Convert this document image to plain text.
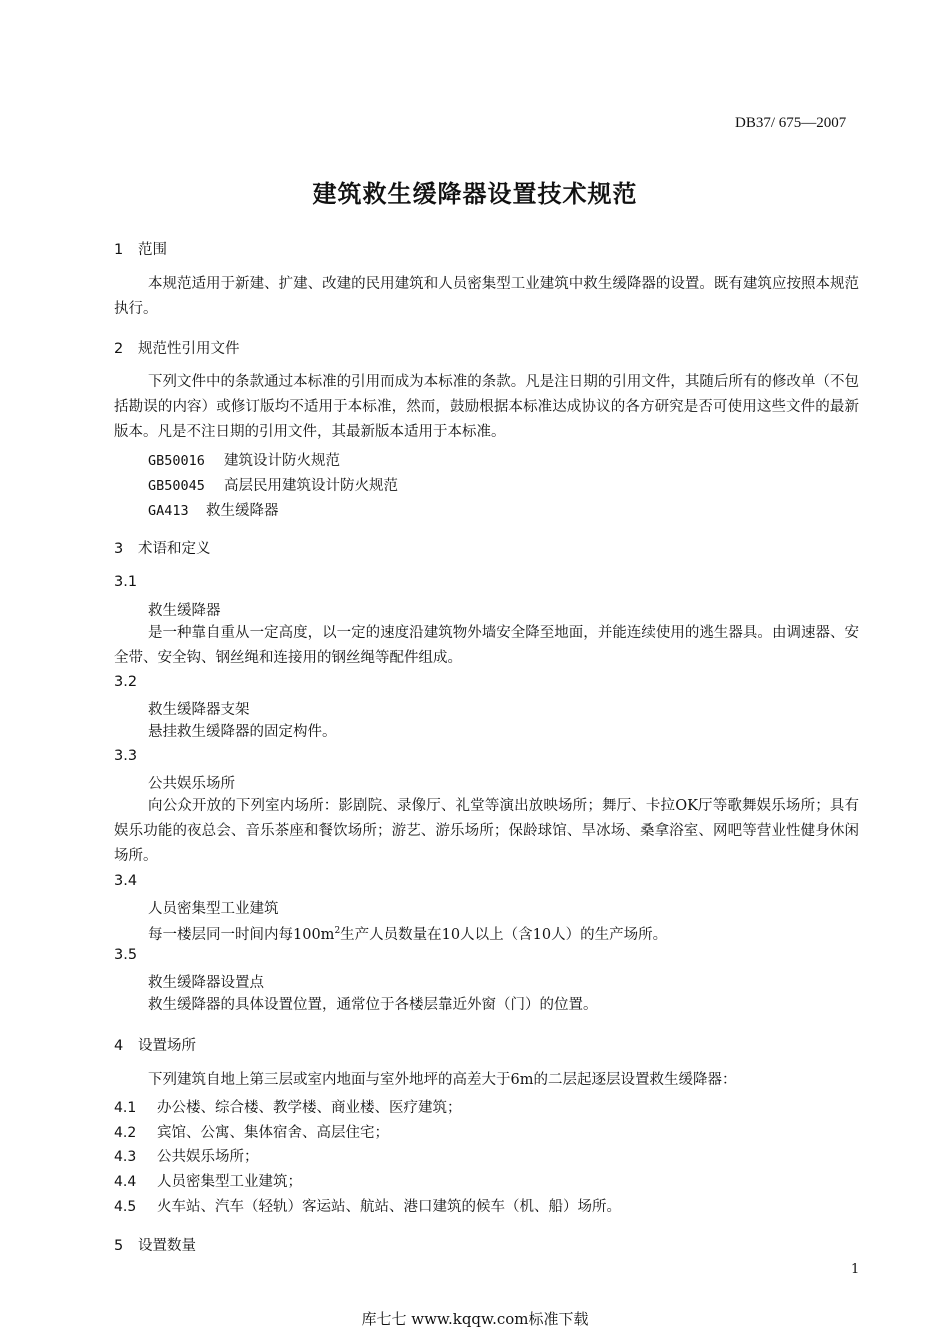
DB37/ 675—2007
建筑救生缓降器设置技术规范
1 范围
本规范适用于新建、扩建、改建的民用建筑和人员密集型工业建筑中救生缓降器的设置。既有建筑应按照本规范执行。
2 规范性引用文件
下列文件中的条款通过本标准的引用而成为本标准的条款。凡是注日期的引用文件，其随后所有的修改单（不包括勘误的内容）或修订版均不适用于本标准，然而，鼓励根据本标准达成协议的各方研究是否可使用这些文件的最新版本。凡是不注日期的引用文件，其最新版本适用于本标准。
GB50016 建筑设计防火规范
GB50045 高层民用建筑设计防火规范
GA413 救生缓降器
3 术语和定义
3.1
救生缓降器
是一种靠自重从一定高度，以一定的速度沿建筑物外墙安全降至地面，并能连续使用的逃生器具。由调速器、安全带、安全钩、钢丝绳和连接用的钢丝绳等配件组成。
3.2
救生缓降器支架
悬挂救生缓降器的固定构件。
3.3
公共娱乐场所
向公众开放的下列室内场所：影剧院、录像厅、礼堂等演出放映场所；舞厅、卡拉OK厅等歌舞娱乐场所；具有娱乐功能的夜总会、音乐茶座和餐饮场所；游艺、游乐场所；保龄球馆、旱冰场、桑拿浴室、网吧等营业性健身休闲场所。
3.4
人员密集型工业建筑
每一楼层同一时间内每$100m^2$生产人员数量在10人以上（含10人）的生产场所。
3.5
救生缓降器设置点
救生缓降器的具体设置位置，通常位于各楼层靠近外窗（门）的位置。
4 设置场所
下列建筑自地上第三层或室内地面与室外地坪的高差大于6m的二层起逐层设置救生缓降器：
4.1 办公楼、综合楼、教学楼、商业楼、医疗建筑；
4.2 宾馆、公寓、集体宿舍、高层住宅；
4.3 公共娱乐场所；
4.4 人员密集型工业建筑；
4.5 火车站、汽车（轻轨）客运站、航站、港口建筑的候车（机、船）场所。
5 设置数量
1
库七七 www.kqqw.com标准下载
